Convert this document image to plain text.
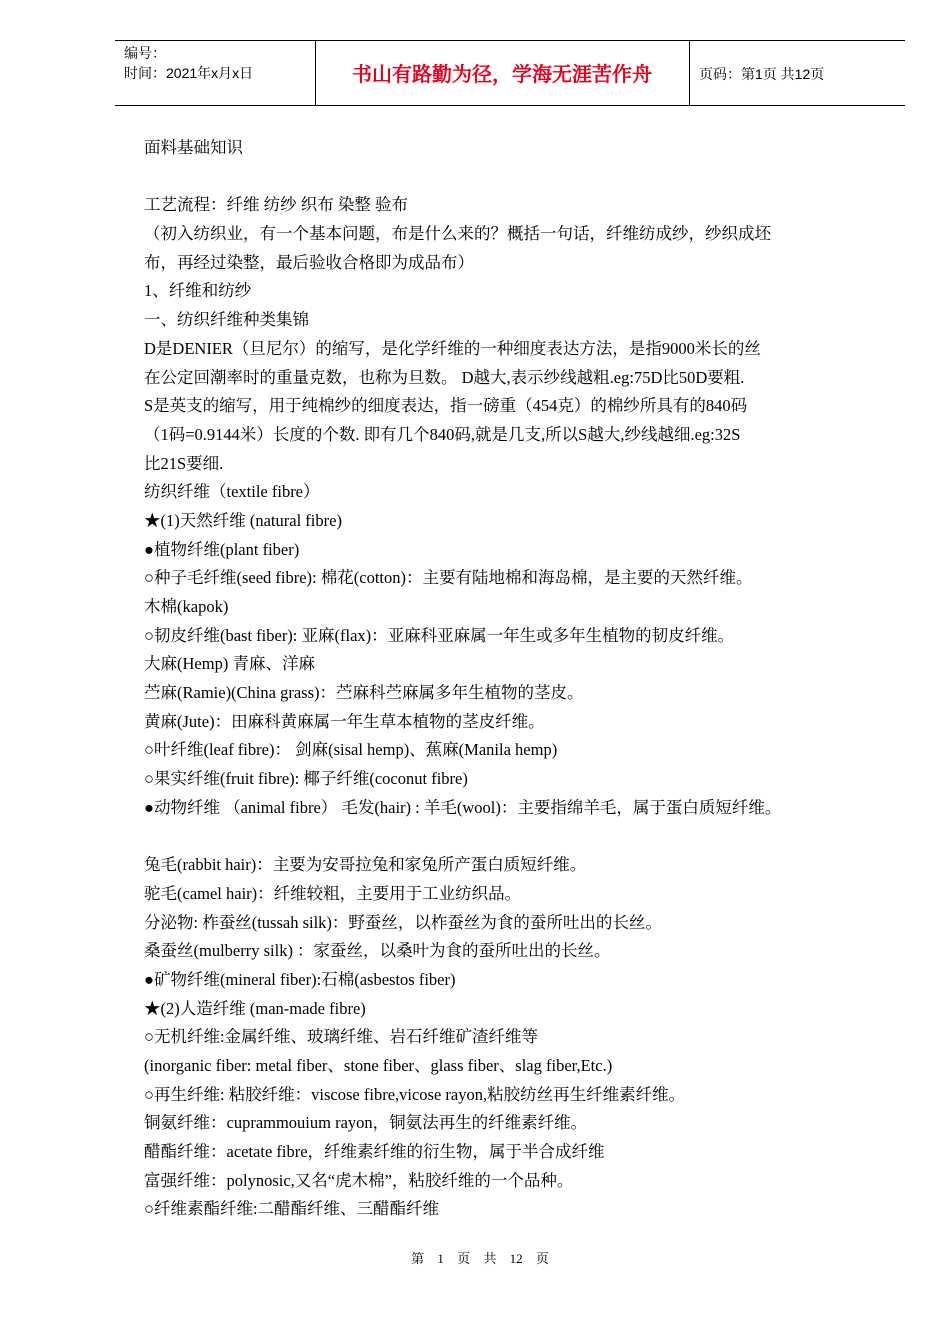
编号：
时间：2021年x月x日	书山有路勤为径，学海无涯苦作舟	页码：第1页 共12页
面料基础知识
工艺流程：纤维 纺纱 织布 染整 验布
（初入纺织业，有一个基本问题，布是什么来的？概括一句话，纤维纺成纱，纱织成坯
布，再经过染整，最后验收合格即为成品布）
1、纤维和纺纱
一、纺织纤维种类集锦
D是DENIER（旦尼尔）的缩写，是化学纤维的一种细度表达方法，是指9000米长的丝
在公定回潮率时的重量克数，也称为旦数。 D越大,表示纱线越粗.eg:75D比50D要粗.
S是英支的缩写，用于纯棉纱的细度表达，指一磅重（454克）的棉纱所具有的840码
（1码=0.9144米）长度的个数. 即有几个840码,就是几支,所以S越大,纱线越细.eg:32S
比21S要细.
纺织纤维（textile fibre）
★(1)天然纤维 (natural fibre)
●植物纤维(plant fiber)
○种子毛纤维(seed fibre): 棉花(cotton)：主要有陆地棉和海岛棉，是主要的天然纤维。
木棉(kapok)
○韧皮纤维(bast fiber): 亚麻(flax)：亚麻科亚麻属一年生或多年生植物的韧皮纤维。
大麻(Hemp) 青麻、洋麻
苎麻(Ramie)(China grass)：苎麻科苎麻属多年生植物的茎皮。
黄麻(Jute)：田麻科黄麻属一年生草本植物的茎皮纤维。
○叶纤维(leaf fibre)： 剑麻(sisal hemp)、蕉麻(Manila hemp)
○果实纤维(fruit fibre): 椰子纤维(coconut fibre)
●动物纤维 （animal fibre） 毛发(hair) : 羊毛(wool)：主要指绵羊毛，属于蛋白质短纤维。
兔毛(rabbit hair)：主要为安哥拉兔和家兔所产蛋白质短纤维。
驼毛(camel hair)：纤维较粗，主要用于工业纺织品。
分泌物: 柞蚕丝(tussah silk)：野蚕丝，以柞蚕丝为食的蚕所吐出的长丝。
桑蚕丝(mulberry silk) ：家蚕丝，以桑叶为食的蚕所吐出的长丝。
●矿物纤维(mineral fiber):石棉(asbestos fiber)
★(2)人造纤维 (man-made fibre)
○无机纤维:金属纤维、玻璃纤维、岩石纤维矿渣纤维等
(inorganic fiber: metal fiber、stone fiber、glass fiber、slag fiber,Etc.)
○再生纤维: 粘胶纤维：viscose fibre,vicose rayon,粘胶纺丝再生纤维素纤维。
铜氨纤维：cuprammouium rayon，铜氨法再生的纤维素纤维。
醋酯纤维：acetate fibre，纤维素纤维的衍生物，属于半合成纤维
富强纤维：polynosic,又名“虎木棉”，粘胶纤维的一个品种。
○纤维素酯纤维:二醋酯纤维、三醋酯纤维
第 1 页 共 12 页
